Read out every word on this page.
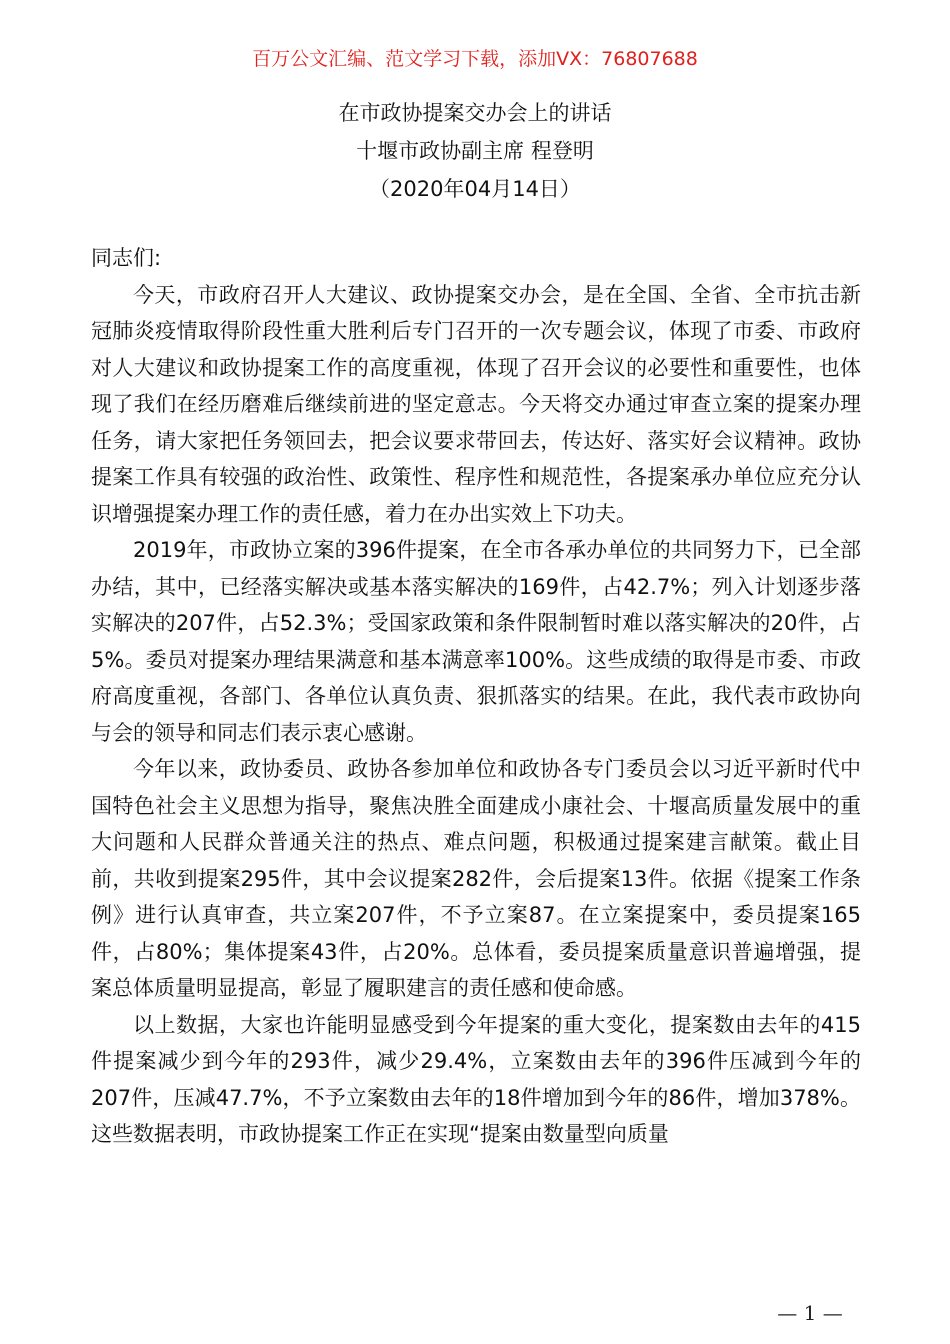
百万公文汇编、范文学习下载，添加VX：76807688
在市政协提案交办会上的讲话
十堰市政协副主席 程登明
（2020年04月14日）
同志们:

今天，市政府召开人大建议、政协提案交办会，是在全国、全省、全市抗击新冠肺炎疫情取得阶段性重大胜利后专门召开的一次专题会议，体现了市委、市政府对人大建议和政协提案工作的高度重视，体现了召开会议的必要性和重要性，也体现了我们在经历磨难后继续前进的坚定意志。今天将交办通过审查立案的提案办理任务，请大家把任务领回去，把会议要求带回去，传达好、落实好会议精神。政协提案工作具有较强的政治性、政策性、程序性和规范性，各提案承办单位应充分认识增强提案办理工作的责任感，着力在办出实效上下功夫。

2019年，市政协立案的396件提案，在全市各承办单位的共同努力下，已全部办结，其中，已经落实解决或基本落实解决的169件，占42.7%；列入计划逐步落实解决的207件，占52.3%；受国家政策和条件限制暂时难以落实解决的20件，占5%。委员对提案办理结果满意和基本满意率100%。这些成绩的取得是市委、市政府高度重视，各部门、各单位认真负责、狠抓落实的结果。在此，我代表市政协向与会的领导和同志们表示衷心感谢。

今年以来，政协委员、政协各参加单位和政协各专门委员会以习近平新时代中国特色社会主义思想为指导，聚焦决胜全面建成小康社会、十堰高质量发展中的重大问题和人民群众普通关注的热点、难点问题，积极通过提案建言献策。截止目前，共收到提案295件，其中会议提案282件，会后提案13件。依据《提案工作条例》进行认真审查，共立案207件，不予立案87。在立案提案中，委员提案165件，占80%；集体提案43件，占20%。总体看，委员提案质量意识普遍增强，提案总体质量明显提高，彰显了履职建言的责任感和使命感。

以上数据，大家也许能明显感受到今年提案的重大变化，提案数由去年的415件提案减少到今年的293件，减少29.4%，立案数由去年的396件压减到今年的207件，压减47.7%，不予立案数由去年的18件增加到今年的86件，增加378%。这些数据表明，市政协提案工作正在实现“提案由数量型向质量

— 1 —
